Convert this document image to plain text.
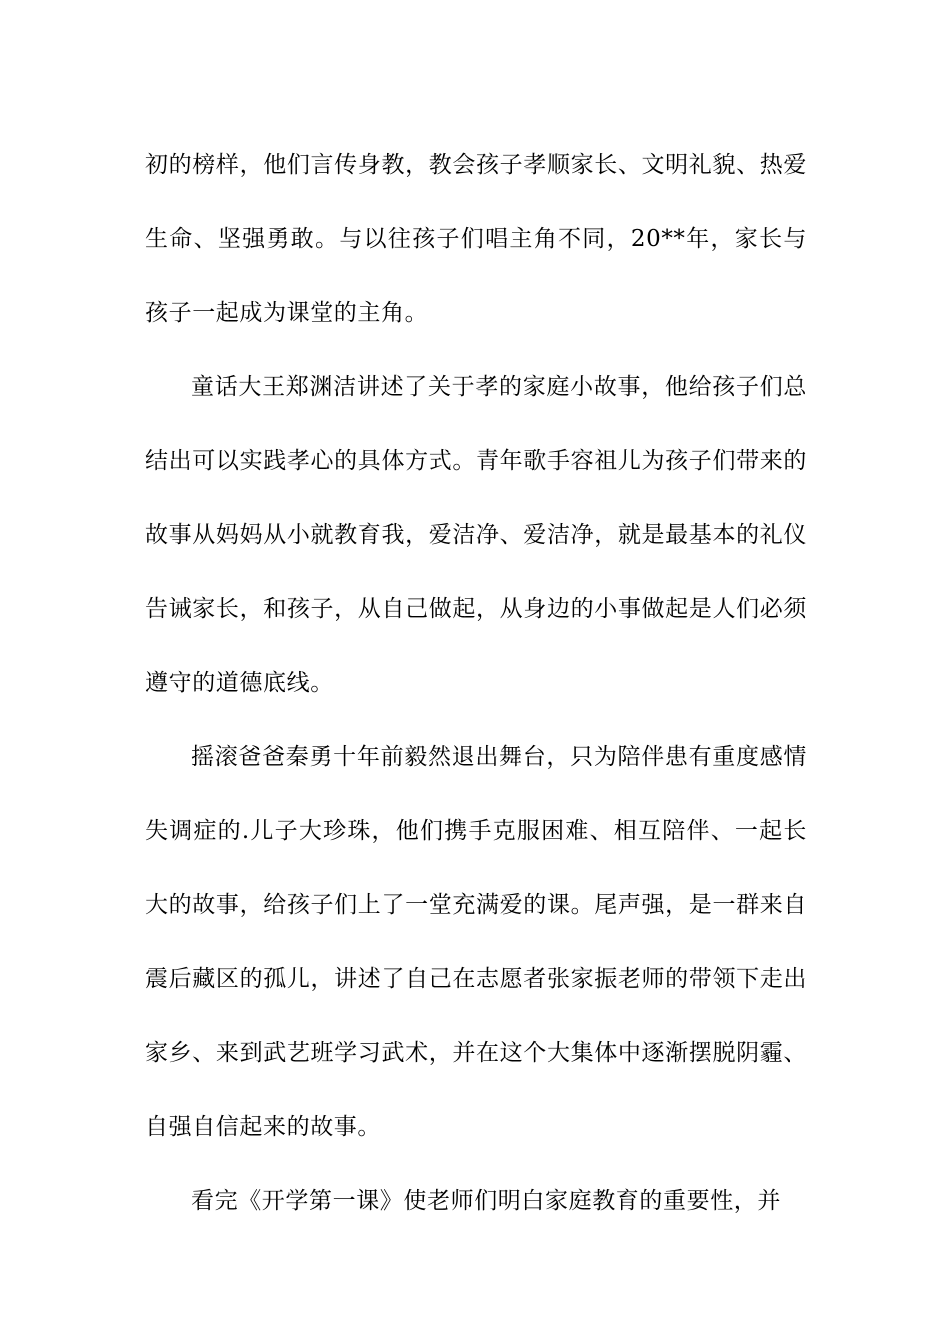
初的榜样，他们言传身教，教会孩子孝顺家长、文明礼貌、热爱生命、坚强勇敢。与以往孩子们唱主角不同，20**年，家长与孩子一起成为课堂的主角。

童话大王郑渊洁讲述了关于孝的家庭小故事，他给孩子们总结出可以实践孝心的具体方式。青年歌手容祖儿为孩子们带来的故事从妈妈从小就教育我，爱洁净、爱洁净，就是最基本的礼仪告诫家长，和孩子，从自己做起，从身边的小事做起是人们必须遵守的道德底线。

摇滚爸爸秦勇十年前毅然退出舞台，只为陪伴患有重度感情失调症的.儿子大珍珠，他们携手克服困难、相互陪伴、一起长大的故事，给孩子们上了一堂充满爱的课。尾声强，是一群来自震后藏区的孤儿，讲述了自己在志愿者张家振老师的带领下走出家乡、来到武艺班学习武术，并在这个大集体中逐渐摆脱阴霾、自强自信起来的故事。

看完《开学第一课》使老师们明白家庭教育的重要性，并
